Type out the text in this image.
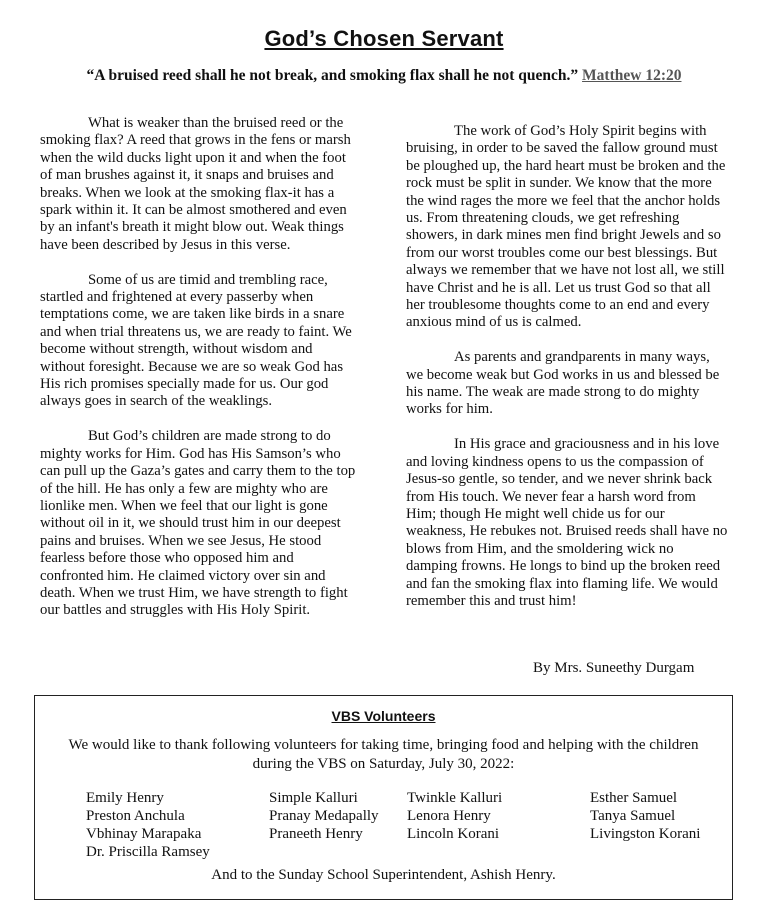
God’s Chosen Servant
“A bruised reed shall he not break, and smoking flax shall he not quench.” Matthew 12:20

What is weaker than the bruised reed or the smoking flax? A reed that grows in the fens or marsh when the wild ducks light upon it and when the foot of man brushes against it, it snaps and bruises and breaks. When we look at the smoking flax-it has a spark within it. It can be almost smothered and even by an infant's breath it might blow out. Weak things have been described by Jesus in this verse.

Some of us are timid and trembling race, startled and frightened at every passerby when temptations come, we are taken like birds in a snare and when trial threatens us, we are ready to faint. We become without strength, without wisdom and without foresight. Because we are so weak God has His rich promises specially made for us. Our god always goes in search of the weaklings.

But God’s children are made strong to do mighty works for Him. God has His Samson’s who can pull up the Gaza’s gates and carry them to the top of the hill. He has only a few are mighty who are lionlike men. When we feel that our light is gone without oil in it, we should trust him in our deepest pains and bruises. When we see Jesus, He stood fearless before those who opposed him and confronted him. He claimed victory over sin and death. When we trust Him, we have strength to fight our battles and struggles with His Holy Spirit.

The work of God’s Holy Spirit begins with bruising, in order to be saved the fallow ground must be ploughed up, the hard heart must be broken and the rock must be split in sunder. We know that the more the wind rages the more we feel that the anchor holds us. From threatening clouds, we get refreshing showers, in dark mines men find bright Jewels and so from our worst troubles come our best blessings. But always we remember that we have not lost all, we still have Christ and he is all. Let us trust God so that all her troublesome thoughts come to an end and every anxious mind of us is calmed.

As parents and grandparents in many ways, we become weak but God works in us and blessed be his name. The weak are made strong to do mighty works for him.

In His grace and graciousness and in his love and loving kindness opens to us the compassion of Jesus-so gentle, so tender, and we never shrink back from His touch. We never fear a harsh word from Him; though He might well chide us for our weakness, He rebukes not. Bruised reeds shall have no blows from Him, and the smoldering wick no damping frowns. He longs to bind up the broken reed and fan the smoking flax into flaming life. We would remember this and trust him!

By Mrs. Suneethy Durgam
VBS Volunteers
We would like to thank following volunteers for taking time, bringing food and helping with the children during the VBS on Saturday, July 30, 2022:
Emily Henry
Preston Anchula
Vbhinay Marapaka
Dr. Priscilla Ramsey
Simple Kalluri
Pranay Medapally
Praneeth Henry
Twinkle Kalluri
Lenora Henry
Lincoln Korani
Esther Samuel
Tanya Samuel
Livingston Korani
And to the Sunday School Superintendent, Ashish Henry.
